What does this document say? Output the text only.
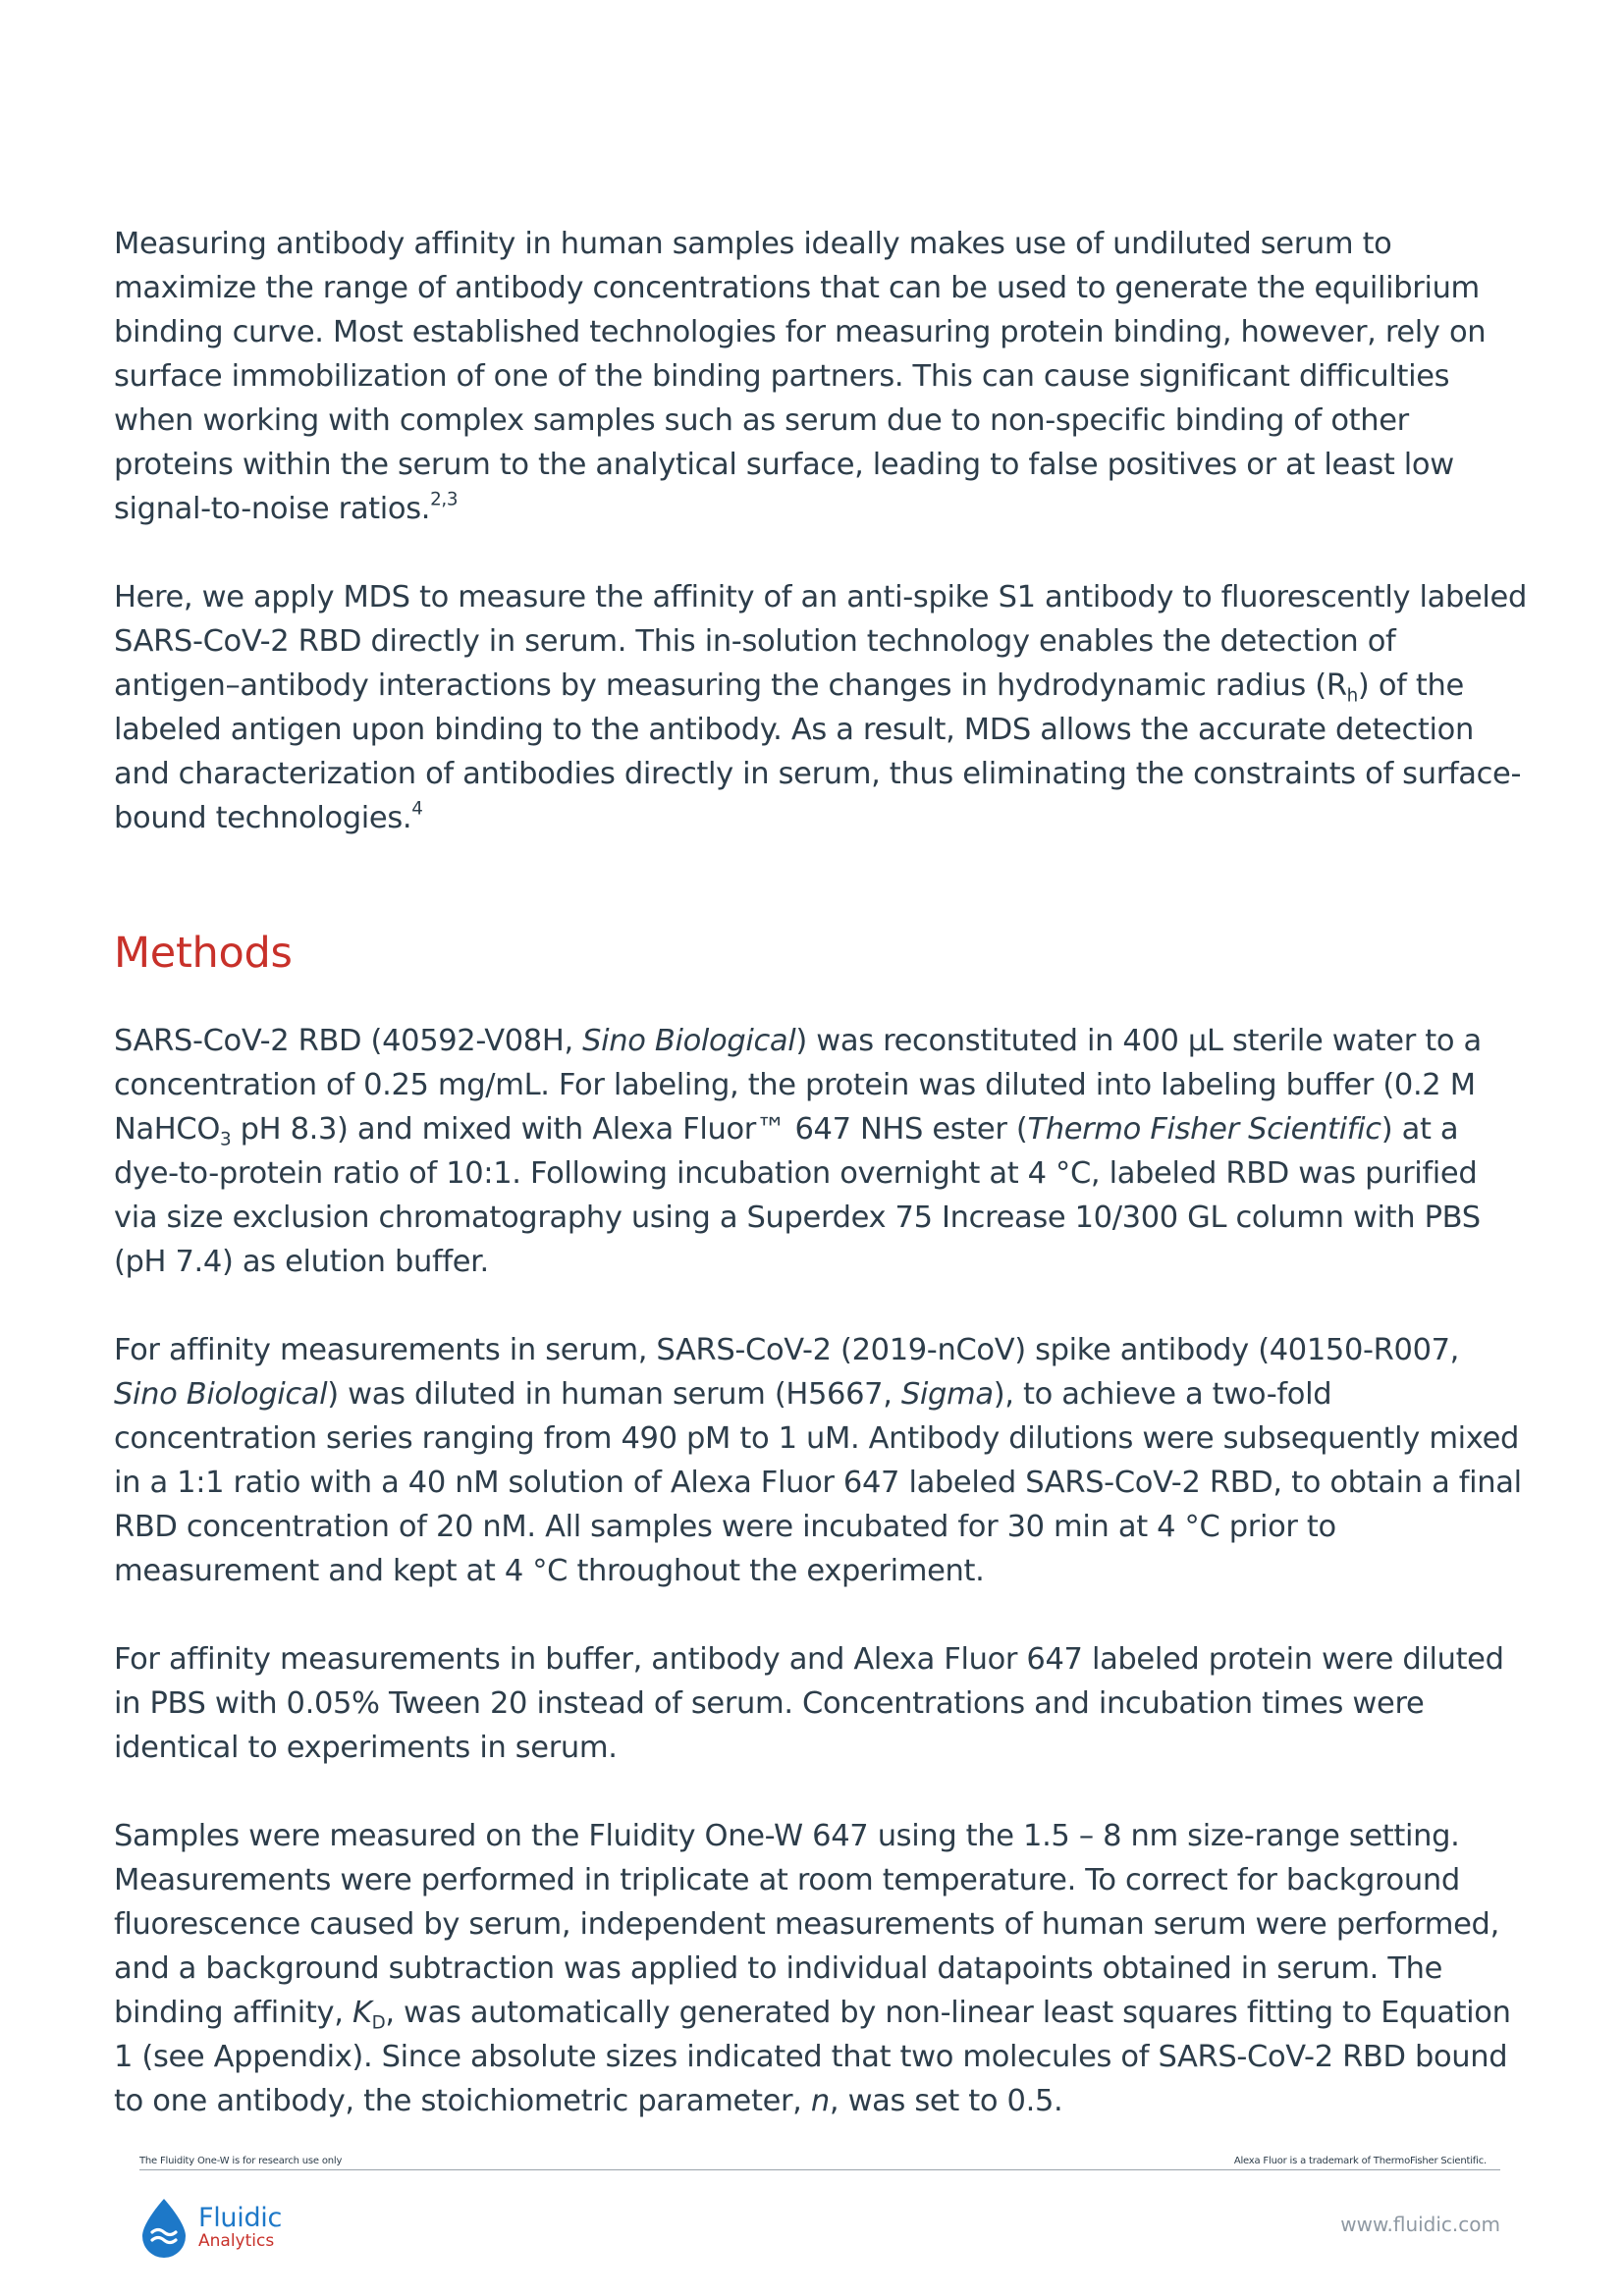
Measuring antibody affinity in human samples ideally makes use of undiluted serum to maximize the range of antibody concentrations that can be used to generate the equilibrium binding curve. Most established technologies for measuring protein binding, however, rely on surface immobilization of one of the binding partners. This can cause significant difficulties when working with complex samples such as serum due to non-specific binding of other proteins within the serum to the analytical surface, leading to false positives or at least low signal-to-noise ratios.$^{2,3}$

Here, we apply MDS to measure the affinity of an anti-spike S1 antibody to fluorescently labeled SARS-CoV-2 RBD directly in serum. This in-solution technology enables the detection of antigen–antibody interactions by measuring the changes in hydrodynamic radius $(R_h)$ of the labeled antigen upon binding to the antibody. As a result, MDS allows the accurate detection and characterization of antibodies directly in serum, thus eliminating the constraints of surface-bound technologies.$^4$

Methods

SARS-CoV-2 RBD (40592-V08H, Sino Biological) was reconstituted in 400 µL sterile water to a concentration of 0.25 mg/mL. For labeling, the protein was diluted into labeling buffer (0.2 M NaHCO$_3$ pH 8.3) and mixed with Alexa Fluor™ 647 NHS ester (Thermo Fisher Scientific) at a dye-to-protein ratio of 10:1. Following incubation overnight at 4 °C, labeled RBD was purified via size exclusion chromatography using a Superdex 75 Increase 10/300 GL column with PBS (pH 7.4) as elution buffer.

For affinity measurements in serum, SARS-CoV-2 (2019-nCoV) spike antibody (40150-R007, Sino Biological) was diluted in human serum (H5667, Sigma), to achieve a two-fold concentration series ranging from 490 pM to 1 uM. Antibody dilutions were subsequently mixed in a 1:1 ratio with a 40 nM solution of Alexa Fluor 647 labeled SARS-CoV-2 RBD, to obtain a final RBD concentration of 20 nM. All samples were incubated for 30 min at 4 °C prior to measurement and kept at 4 °C throughout the experiment.

For affinity measurements in buffer, antibody and Alexa Fluor 647 labeled protein were diluted in PBS with 0.05% Tween 20 instead of serum. Concentrations and incubation times were identical to experiments in serum.

Samples were measured on the Fluidity One-W 647 using the 1.5 – 8 nm size-range setting. Measurements were performed in triplicate at room temperature. To correct for background fluorescence caused by serum, independent measurements of human serum were performed, and a background subtraction was applied to individual datapoints obtained in serum. The binding affinity, $K_D$, was automatically generated by non-linear least squares fitting to Equation 1 (see Appendix). Since absolute sizes indicated that two molecules of SARS-CoV-2 RBD bound to one antibody, the stoichiometric parameter, n, was set to 0.5.

The Fluidity One-W is for research use only	Alexa Fluor is a trademark of ThermoFisher Scientific.
Fluidic
Analytics
www.fluidic.com
